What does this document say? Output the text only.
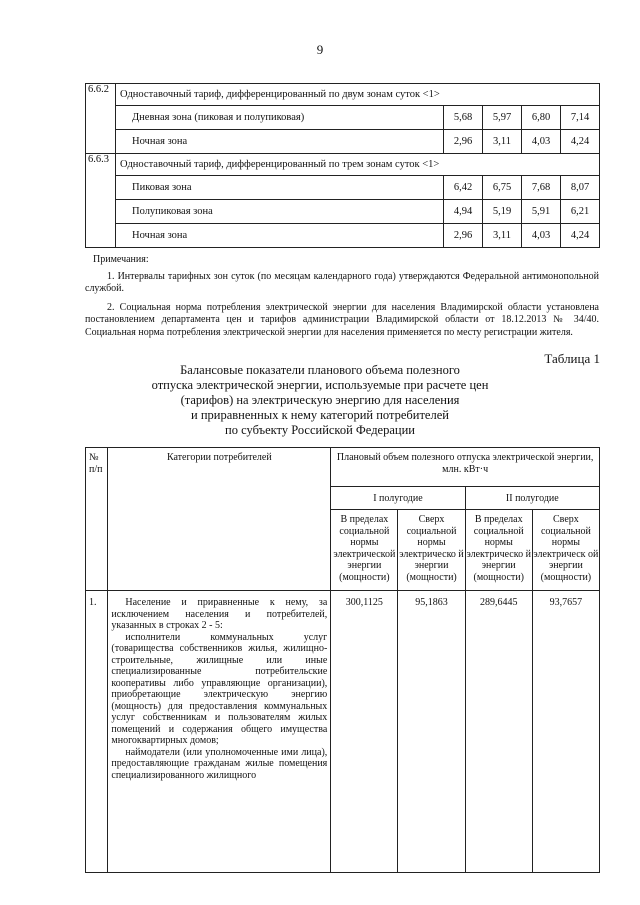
9
6.6.2	Одноставочный тариф, дифференцированный по двум зонам суток <1>				
	Дневная зона (пиковая и полупиковая)	5,68	5,97	6,80	7,14
	Ночная зона	2,96	3,11	4,03	4,24
6.6.3	Одноставочный тариф, дифференцированный по трем зонам суток <1>				
	Пиковая зона	6,42	6,75	7,68	8,07
	Полупиковая зона	4,94	5,19	5,91	6,21
	Ночная зона	2,96	3,11	4,03	4,24
Примечания:

1. Интервалы тарифных зон суток (по месяцам календарного года) утверждаются Федеральной антимонопольной службой.

2. Социальная норма потребления электрической энергии для населения Владимирской области установлена постановлением департамента цен и тарифов администрации Владимирской области от 18.12.2013 № 34/40. Социальная норма потребления электрической энергии для населения применяется по месту регистрации жителя.

Таблица 1
Балансовые показатели планового объема полезного
отпуска электрической энергии, используемые при расчете цен
(тарифов) на электрическую энергию для населения
и приравненных к нему категорий потребителей
по субъекту Российской Федерации
№ п/п	Категории потребителей	Плановый объем полезного отпуска электрической энергии, млн. кВт·ч			
		I полугодие		II полугодие	
		В пределах социальной нормы электрической энергии (мощности)	Сверх социальной нормы электрическо й энергии (мощности)	В пределах социальной нормы электрическо й энергии (мощности)	Сверх социальной нормы электрическ ой энергии (мощности)
1.	Население и приравненные к нему, за исключением населения и потребителей, указанных в строках 2 - 5:

исполнители коммунальных услуг (товарищества собственников жилья, жилищно-строительные, жилищные или иные специализированные потребительские кооперативы либо управляющие организации), приобретающие электрическую энергию (мощность) для предоставления коммунальных услуг собственникам и пользователям жилых помещений и содержания общего имущества многоквартирных домов;

наймодатели (или уполномоченные ими лица), предоставляющие гражданам жилые помещения специализированного жилищного	300,1125	95,1863	289,6445	93,7657
